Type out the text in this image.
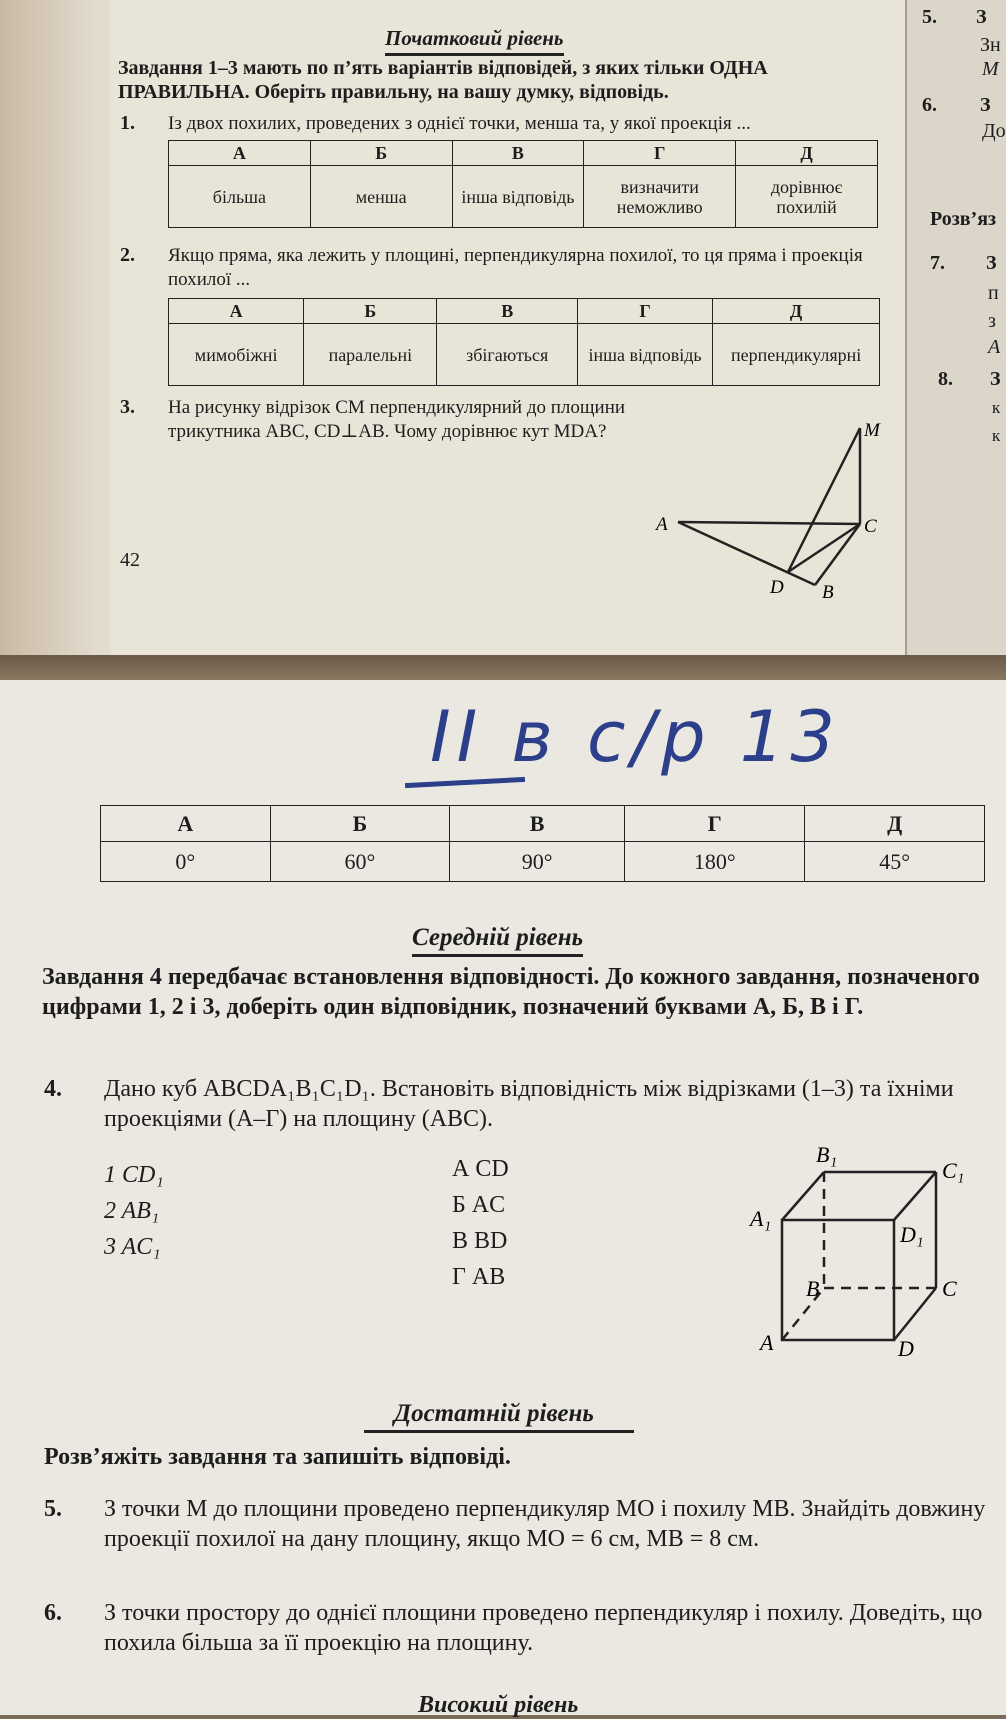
Початковий рівень
Завдання 1–3 мають по п’ять варіантів відповідей, з яких тільки ОДНА ПРАВИЛЬНА. Оберіть правильну, на вашу думку, відповідь.
1. Із двох похилих, проведених з однієї точки, менша та, у якої проекція ...
А	Б	В	Г	Д
більша	менша	інша відповідь	визначити неможливо	дорівнює похилій
2. Якщо пряма, яка лежить у площині, перпендикулярна похилої, то ця пряма і проекція похилої ...
А	Б	В	Г	Д
мимобіжні	паралельні	збігаються	інша відповідь	перпендикулярні
3. На рисунку відрізок CM перпендикулярний до площини трикутника ABC, CD⊥AB. Чому дорівнює кут MDA?	M
A	C
D B
42
5. З
Зн
М
6. З
До
Розв’яз
7. З
п
з
А
8. З
к
к
II в с/р 13
А	Б	В	Г	Д
0°	60°	90°	180°	45°
Середній рівень
Завдання 4 передбачає встановлення відповідності. До кожного завдання, позначеного цифрами 1, 2 і 3, доберіть один відповідник, позначений буквами А, Б, В і Г.
4. Дано куб ABCDA₁B₁C₁D₁. Встановіть відповідність між відрізками (1–3) та їхніми проекціями (А–Г) на площину (ABC).
1 CD₁
2 AB₁
3 AC₁
А CD
Б AC
В BD
Г AB
B₁
C₁
A₁
D₁
B	C
A	D
Достатній рівень
Розв’яжіть завдання та запишіть відповіді.
5. З точки M до площини проведено перпендикуляр MO і похилу MB. Знайдіть довжину проекції похилої на дану площину, якщо MO = 6 см, MB = 8 см.
6. З точки простору до однієї площини проведено перпендикуляр і похилу. Доведіть, що похила більша за її проекцію на площину.
Високий рівень
